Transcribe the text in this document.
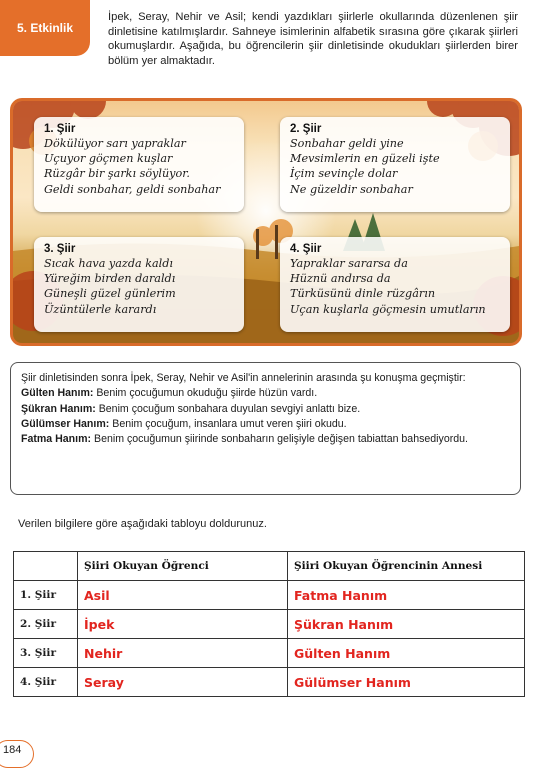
5. Etkinlik
İpek, Seray, Nehir ve Asil; kendi yazdıkları şiirlerle okullarında düzenlenen şiir dinletisine katılmışlardır. Sahneye isimlerinin alfabetik sırasına göre çıkarak şiirleri okumuşlardır. Aşağıda, bu öğrencilerin şiir dinletisinde okudukları şiirlerden birer bölüm yer almaktadır.
1. Şiir
Dökülüyor sarı yapraklar
Uçuyor göçmen kuşlar
Rüzgâr bir şarkı söylüyor.
Geldi sonbahar, geldi sonbahar
2. Şiir
Sonbahar geldi yine
Mevsimlerin en güzeli işte
İçim sevinçle dolar
Ne güzeldir sonbahar
3. Şiir
Sıcak hava yazda kaldı
Yüreğim birden daraldı
Güneşli güzel günlerim
Üzüntülerle karardı
4. Şiir
Yapraklar sararsa da
Hüznü andırsa da
Türküsünü dinle rüzgârın
Uçan kuşlarla göçmesin umutların
Şiir dinletisinden sonra İpek, Seray, Nehir ve Asil'in annelerinin arasında şu konuşma geçmiştir:
Gülten Hanım: Benim çocuğumun okuduğu şiirde hüzün vardı.
Şükran Hanım: Benim çocuğum sonbahara duyulan sevgiyi anlattı bize.
Gülümser Hanım: Benim çocuğum, insanlara umut veren şiiri okudu.
Fatma Hanım: Benim çocuğumun şiirinde sonbaharın gelişiyle değişen tabiattan bahsediyordu.
Verilen bilgilere göre aşağıdaki tabloyu doldurunuz.
	Şiiri Okuyan Öğrenci	Şiiri Okuyan Öğrencinin Annesi
1. Şiir	Asil	Fatma Hanım
2. Şiir	İpek	Şükran Hanım
3. Şiir	Nehir	Gülten Hanım
4. Şiir	Seray	Gülümser Hanım
184
